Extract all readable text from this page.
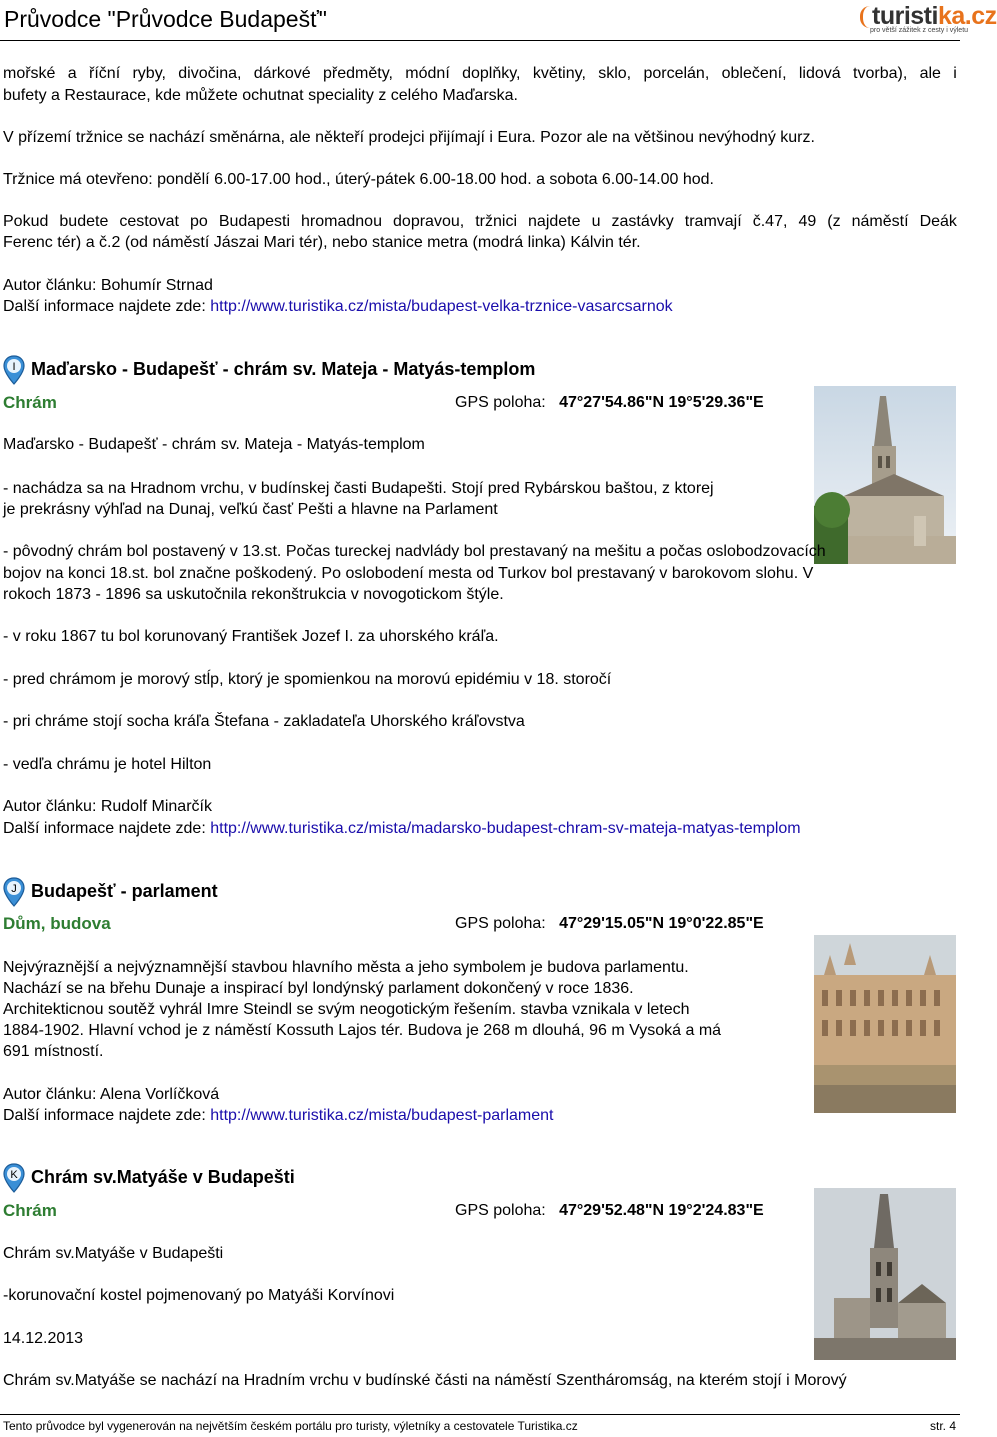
Průvodce "Průvodce Budapešť"	turistika.cz
pro větší zážitek z cesty i výletu
mořské a říční ryby, divočina, dárkové předměty, módní doplňky, květiny, sklo, porcelán, oblečení, lidová tvorba), ale i
bufety a Restaurace, kde můžete ochutnat speciality z celého Maďarska.
V přízemí tržnice se nachází směnárna, ale někteří prodejci přijímají i Eura. Pozor ale na většinou nevýhodný kurz.
Tržnice má otevřeno: pondělí 6.00-17.00 hod., úterý-pátek 6.00-18.00 hod. a sobota 6.00-14.00 hod.
Pokud budete cestovat po Budapesti hromadnou dopravou, tržnici najdete u zastávky tramvají č.47, 49 (z náměstí Deák
Ferenc tér) a č.2 (od náměstí Jászai Mari tér), nebo stanice metra (modrá linka) Kálvin tér.
Autor článku: Bohumír Strnad
Další informace najdete zde: http://www.turistika.cz/mista/budapest-velka-trznice-vasarcsarnok
I Maďarsko - Budapešť - chrám sv. Mateja - Matyás-templom
Chrám	GPS poloha: 47°27'54.86"N 19°5'29.36"E
Maďarsko - Budapešť - chrám sv. Mateja - Matyás-templom
- nachádza sa na Hradnom vrchu, v budínskej časti Budapešti. Stojí pred Rybárskou baštou, z ktorej
je prekrásny výhľad na Dunaj, veľkú časť Pešti a hlavne na Parlament
- pôvodný chrám bol postavený v 13.st. Počas tureckej nadvlády bol prestavaný na mešitu a počas oslobodzovacích
bojov na konci 18.st. bol značne poškodený. Po oslobodení mesta od Turkov bol prestavaný v barokovom slohu. V
rokoch 1873 - 1896 sa uskutočnila rekonštrukcia v novogotickom štýle.
- v roku 1867 tu bol korunovaný František Jozef I. za uhorského kráľa.
- pred chrámom je morový stĺp, ktorý je spomienkou na morovú epidémiu v 18. storočí
- pri chráme stojí socha kráľa Štefana - zakladateľa Uhorského kráľovstva
- vedľa chrámu je hotel Hilton
Autor článku: Rudolf Minarčík
Další informace najdete zde: http://www.turistika.cz/mista/madarsko-budapest-chram-sv-mateja-matyas-templom
J Budapešť - parlament
Dům, budova	GPS poloha: 47°29'15.05"N 19°0'22.85"E
Nejvýraznější a nejvýznamnější stavbou hlavního města a jeho symbolem je budova parlamentu.
Nachází se na břehu Dunaje a inspirací byl londýnský parlament dokončený v roce 1836.
Architekticnou soutěž vyhrál Imre Steindl se svým neogotickým řešením. stavba vznikala v letech
1884-1902. Hlavní vchod je z náměstí Kossuth Lajos tér. Budova je 268 m dlouhá, 96 m Vysoká a má
691 místností.
Autor článku: Alena Vorlíčková
Další informace najdete zde: http://www.turistika.cz/mista/budapest-parlament
K Chrám sv.Matyáše v Budapešti
Chrám	GPS poloha: 47°29'52.48"N 19°2'24.83"E
Chrám sv.Matyáše v Budapešti
-korunovační kostel pojmenovaný po Matyáši Korvínovi
14.12.2013
Chrám sv.Matyáše se nachází na Hradním vrchu v budínské části na náměstí Szentháromság, na kterém stojí i Morový
Tento průvodce byl vygenerován na největším českém portálu pro turisty, výletníky a cestovatele Turistika.cz	str. 4
